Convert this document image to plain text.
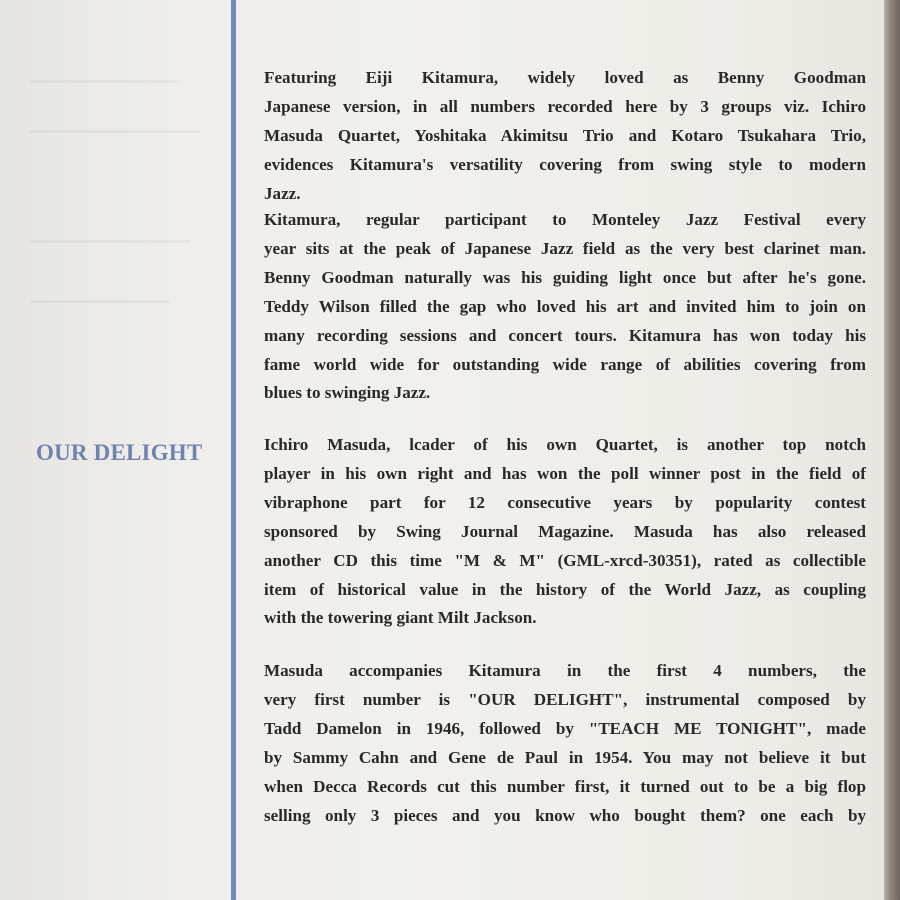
OUR DELIGHT
Featuring Eiji Kitamura, widely loved as Benny Goodman
Japanese version, in all numbers recorded here by 3 groups viz. Ichiro
Masuda Quartet, Yoshitaka Akimitsu Trio and Kotaro Tsukahara Trio,
evidences Kitamura's versatility covering from swing style to modern
Jazz.
Kitamura, regular participant to Monteley Jazz Festival every
year sits at the peak of Japanese Jazz field as the very best clarinet man.
Benny Goodman naturally was his guiding light once but after he's gone.
Teddy Wilson filled the gap who loved his art and invited him to join on
many recording sessions and concert tours. Kitamura has won today his
fame world wide for outstanding wide range of abilities covering from
blues to swinging Jazz.
Ichiro Masuda, lcader of his own Quartet, is another top notch
player in his own right and has won the poll winner post in the field of
vibraphone part for 12 consecutive years by popularity contest
sponsored by Swing Journal Magazine. Masuda has also released
another CD this time "M & M" (GML-xrcd-30351), rated as collectible
item of historical value in the history of the World Jazz, as coupling
with the towering giant Milt Jackson.
Masuda accompanies Kitamura in the first 4 numbers, the
very first number is "OUR DELIGHT", instrumental composed by
Tadd Damelon in 1946, followed by "TEACH ME TONIGHT", made
by Sammy Cahn and Gene de Paul in 1954. You may not believe it but
when Decca Records cut this number first, it turned out to be a big flop
selling only 3 pieces and you know who bought them? one each by
